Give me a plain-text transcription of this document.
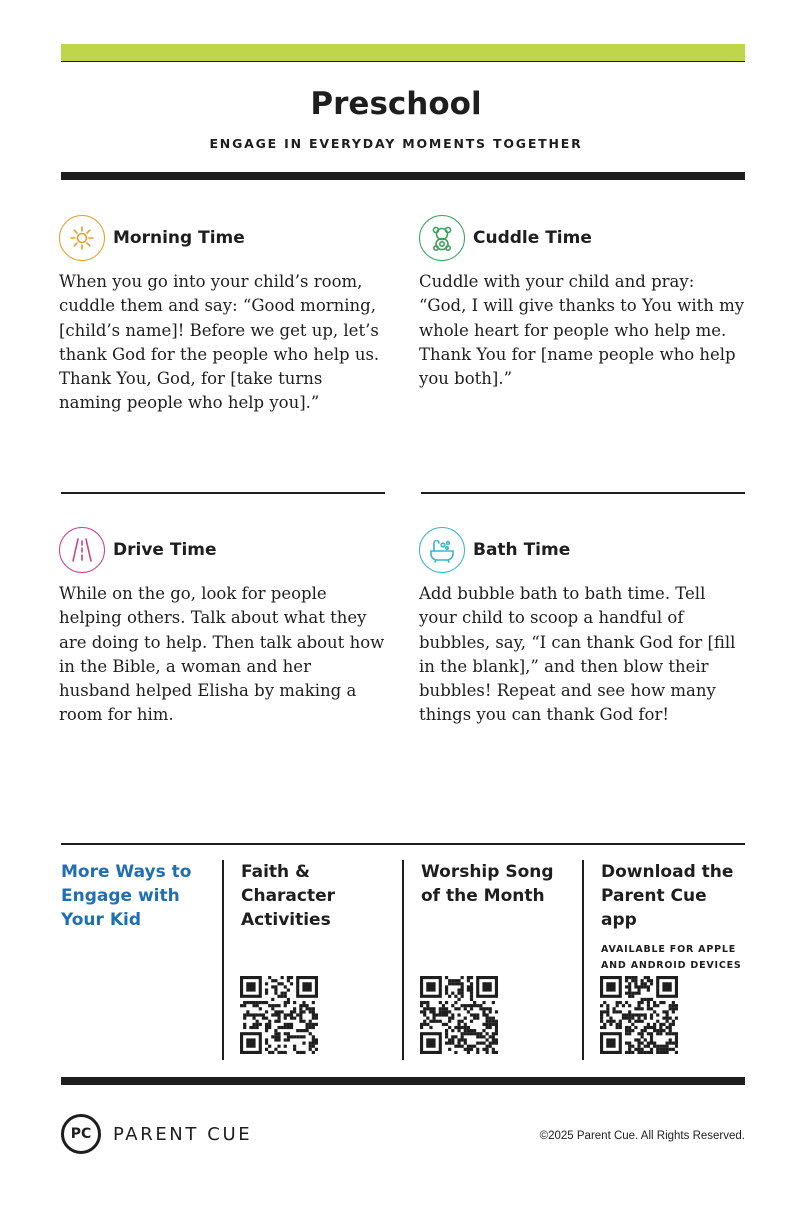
Preschool
ENGAGE IN EVERYDAY MOMENTS TOGETHER
Morning Time

When you go into your child’s room, cuddle them and say: “Good morning, [child’s name]! Before we get up, let’s thank God for the people who help us. Thank You, God, for [take turns naming people who help you].”

Cuddle Time

Cuddle with your child and pray: “God, I will give thanks to You with my whole heart for people who help me. Thank You for [name people who help you both].”

Drive Time

While on the go, look for people helping others. Talk about what they are doing to help. Then talk about how in the Bible, a woman and her husband helped Elisha by making a room for him.

Bath Time

Add bubble bath to bath time. Tell your child to scoop a handful of bubbles, say, “I can thank God for [fill in the blank],” and then blow their bubbles! Repeat and see how many things you can thank God for!

More Ways to Engage with Your Kid
Faith & Character Activities
Worship Song of the Month
Download the Parent Cue app
AVAILABLE FOR APPLE AND ANDROID DEVICES
PC	PARENT CUE	©2025 Parent Cue. All Rights Reserved.
